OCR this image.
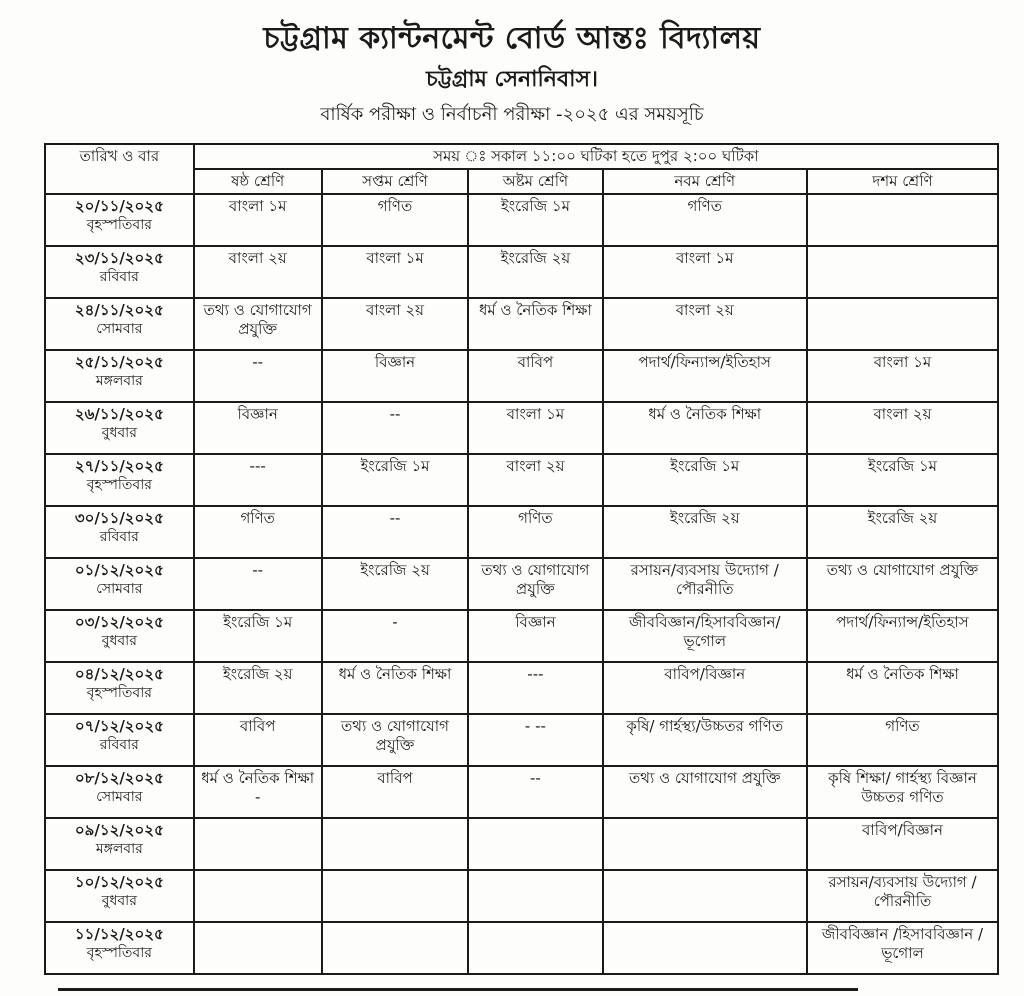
চট্টগ্রাম ক্যান্টনমেন্ট বোর্ড আন্তঃ বিদ্যালয়
চট্টগ্রাম সেনানিবাস।
বার্ষিক পরীক্ষা ও নির্বাচনী পরীক্ষা -২০২৫ এর সময়সূচি
তারিখ ও বার	সময় ঃ সকাল ১১:০০ ঘটিকা হতে দুপুর ২:০০ ঘটিকা				
	ষষ্ঠ শ্রেণি	সপ্তম শ্রেণি	অষ্টম শ্রেণি	নবম শ্রেণি	দশম শ্রেণি

২০/১১/২০২৫
বৃহস্পতিবার	বাংলা ১ম	গণিত	ইংরেজি ১ম	গণিত	

২৩/১১/২০২৫
রবিবার	বাংলা ২য়	বাংলা ১ম	ইংরেজি ২য়	বাংলা ১ম	

২৪/১১/২০২৫
সোমবার	তথ্য ও যোগাযোগ প্রযুক্তি	বাংলা ২য়	ধর্ম ও নৈতিক শিক্ষা	বাংলা ২য়	

২৫/১১/২০২৫
মঙ্গলবার	--	বিজ্ঞান	বাবিপ	পদার্থ/ফিন্যান্স/ইতিহাস	বাংলা ১ম

২৬/১১/২০২৫
বুধবার	বিজ্ঞান	--	বাংলা ১ম	ধর্ম ও নৈতিক শিক্ষা	বাংলা ২য়

২৭/১১/২০২৫
বৃহস্পতিবার	---	ইংরেজি ১ম	বাংলা ২য়	ইংরেজি ১ম	ইংরেজি ১ম

৩০/১১/২০২৫
রবিবার	গণিত	--	গণিত	ইংরেজি ২য়	ইংরেজি ২য়

০১/১২/২০২৫
সোমবার	--	ইংরেজি ২য়	তথ্য ও যোগাযোগ প্রযুক্তি	রসায়ন/ব্যবসায় উদ্যোগ /পৌরনীতি	তথ্য ও যোগাযোগ প্রযুক্তি

০৩/১২/২০২৫
বুধবার	ইংরেজি ১ম	-	বিজ্ঞান	জীববিজ্ঞান/হিসাববিজ্ঞান/ ভূগোল	পদার্থ/ফিন্যান্স/ইতিহাস

০৪/১২/২০২৫
বৃহস্পতিবার	ইংরেজি ২য়	ধর্ম ও নৈতিক শিক্ষা	---	বাবিপ/বিজ্ঞান	ধর্ম ও নৈতিক শিক্ষা

০৭/১২/২০২৫
রবিবার	বাবিপ	তথ্য ও যোগাযোগ প্রযুক্তি	- --	কৃষি/ গার্হস্থ্য/উচ্চতর গণিত	গণিত

০৮/১২/২০২৫
সোমবার	ধর্ম ও নৈতিক শিক্ষা -	বাবিপ	--	তথ্য ও যোগাযোগ প্রযুক্তি	কৃষি শিক্ষা/ গার্হস্থ্য বিজ্ঞান উচ্চতর গণিত

০৯/১২/২০২৫
মঙ্গলবার					বাবিপ/বিজ্ঞান

১০/১২/২০২৫
বুধবার					রসায়ন/ব্যবসায় উদ্যোগ /পৌরনীতি

১১/১২/২০২৫
বৃহস্পতিবার					জীববিজ্ঞান /হিসাববিজ্ঞান /ভূগোল
